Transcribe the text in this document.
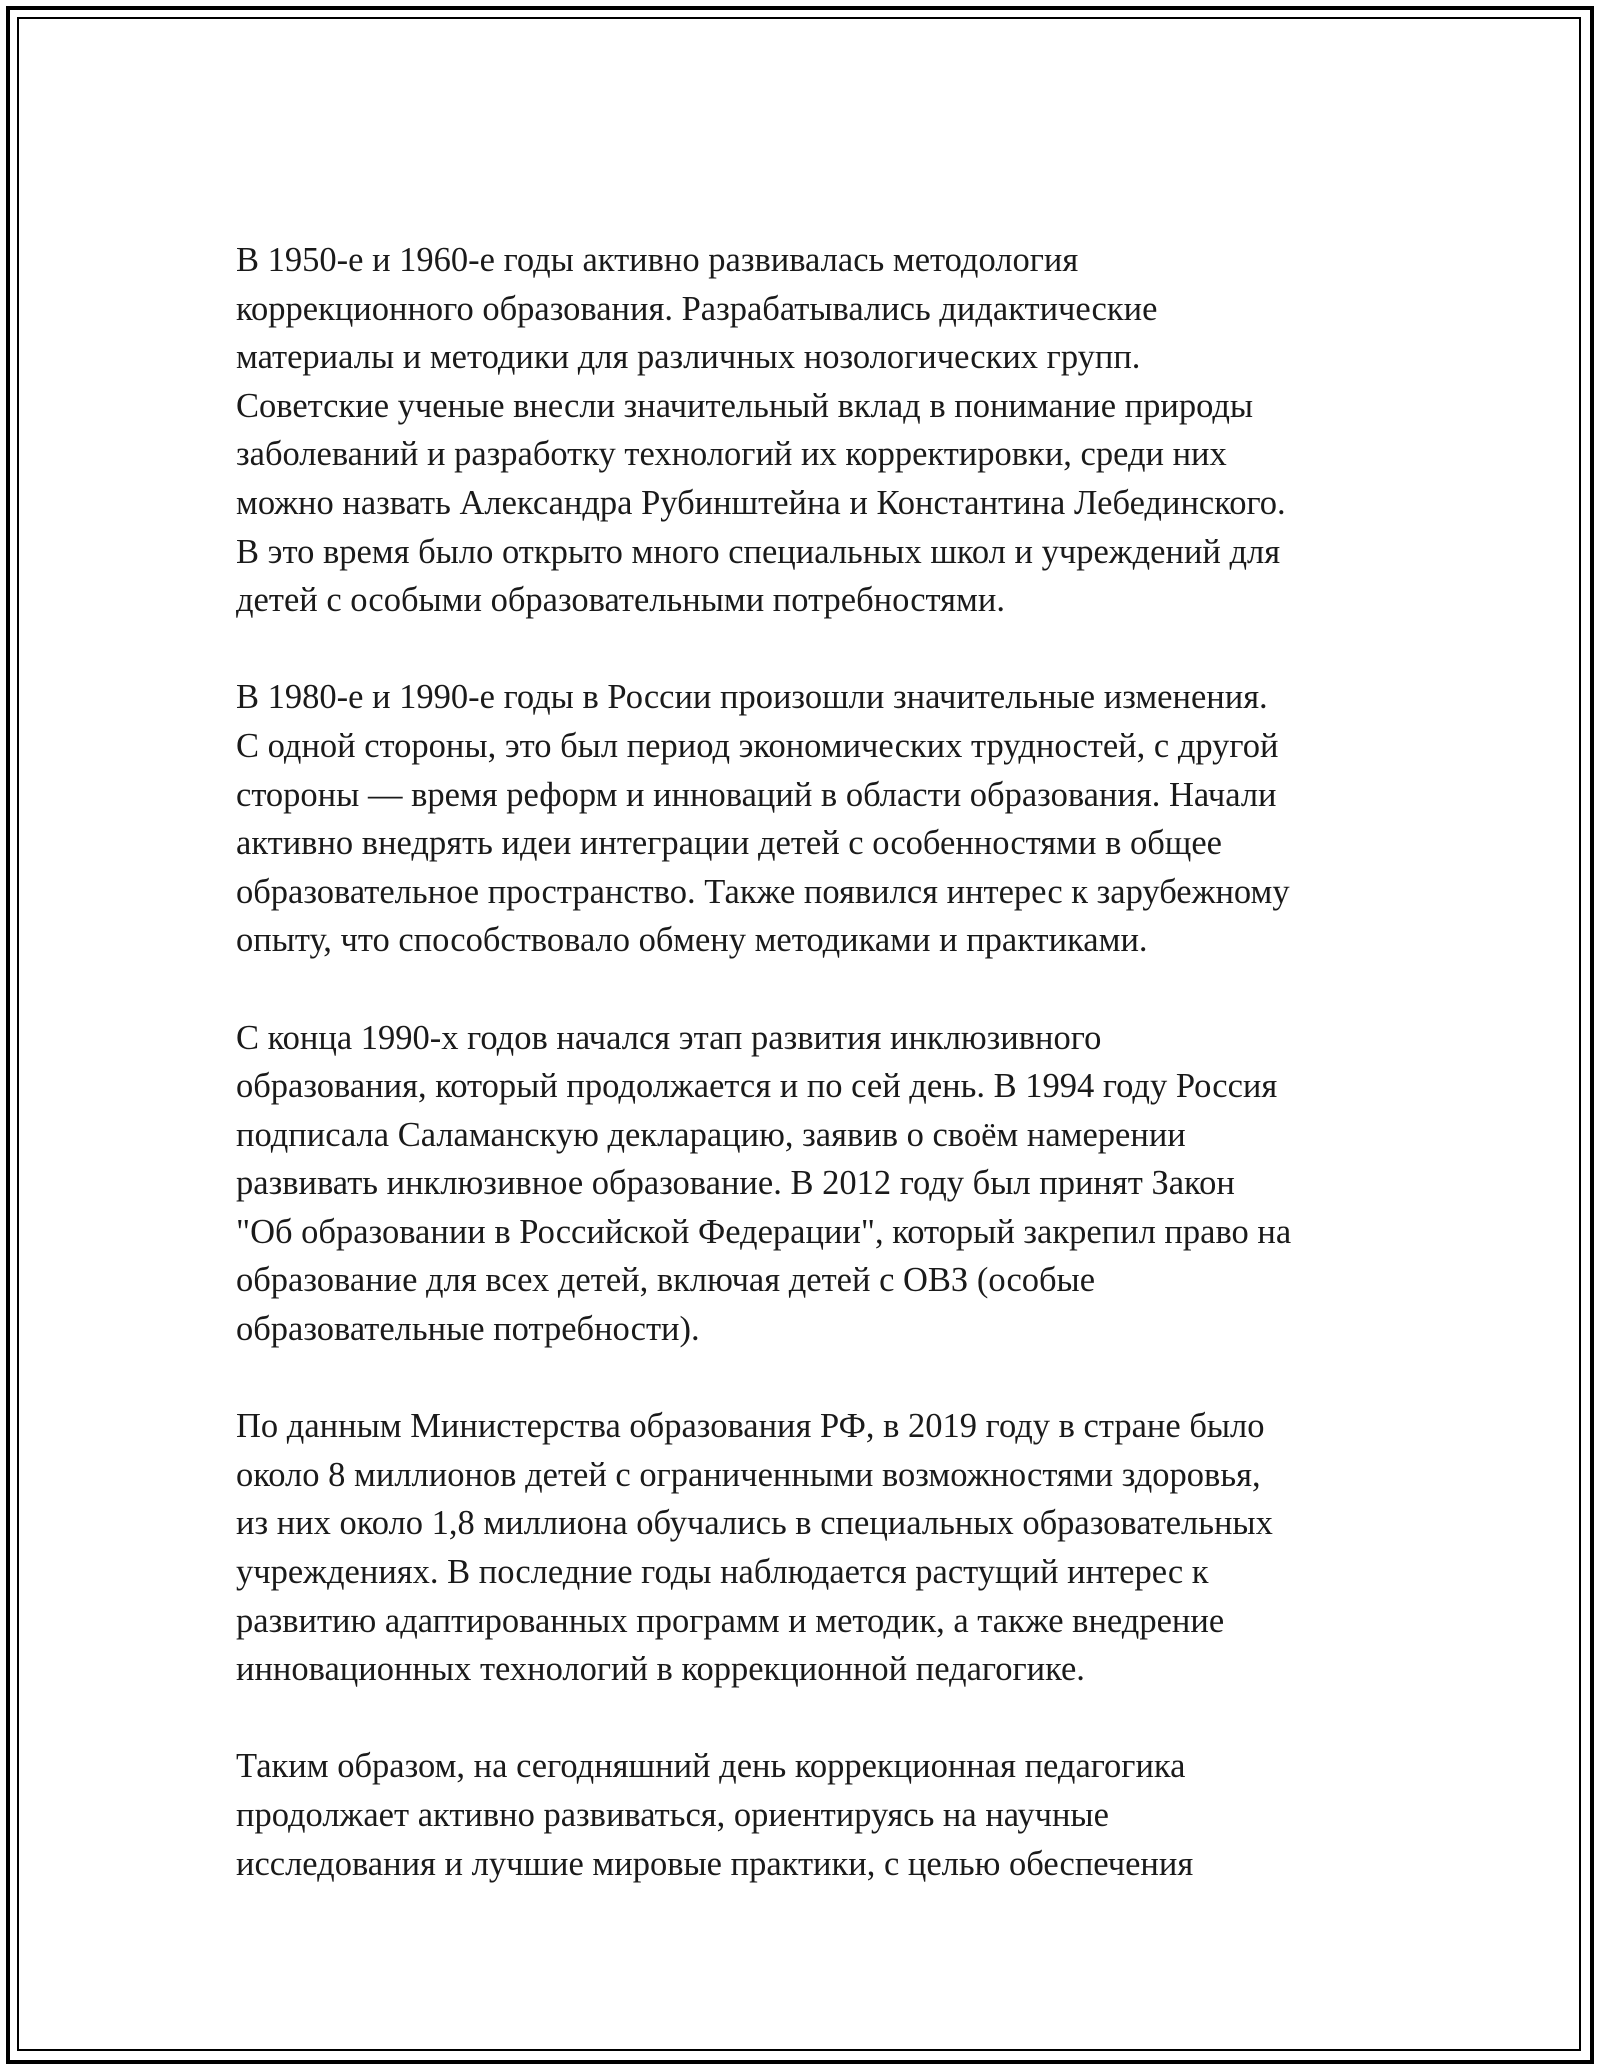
В 1950-е и 1960-е годы активно развивалась методология
коррекционного образования. Разрабатывались дидактические
материалы и методики для различных нозологических групп.
Советские ученые внесли значительный вклад в понимание природы
заболеваний и разработку технологий их корректировки, среди них
можно назвать Александра Рубинштейна и Константина Лебединского.
В это время было открыто много специальных школ и учреждений для
детей с особыми образовательными потребностями.
В 1980-е и 1990-е годы в России произошли значительные изменения.
С одной стороны, это был период экономических трудностей, с другой
стороны — время реформ и инноваций в области образования. Начали
активно внедрять идеи интеграции детей с особенностями в общее
образовательное пространство. Также появился интерес к зарубежному
опыту, что способствовало обмену методиками и практиками.
С конца 1990-х годов начался этап развития инклюзивного
образования, который продолжается и по сей день. В 1994 году Россия
подписала Саламанскую декларацию, заявив о своём намерении
развивать инклюзивное образование. В 2012 году был принят Закон
"Об образовании в Российской Федерации", который закрепил право на
образование для всех детей, включая детей с ОВЗ (особые
образовательные потребности).
По данным Министерства образования РФ, в 2019 году в стране было
около 8 миллионов детей с ограниченными возможностями здоровья,
из них около 1,8 миллиона обучались в специальных образовательных
учреждениях. В последние годы наблюдается растущий интерес к
развитию адаптированных программ и методик, а также внедрение
инновационных технологий в коррекционной педагогике.
Таким образом, на сегодняшний день коррекционная педагогика
продолжает активно развиваться, ориентируясь на научные
исследования и лучшие мировые практики, с целью обеспечения
